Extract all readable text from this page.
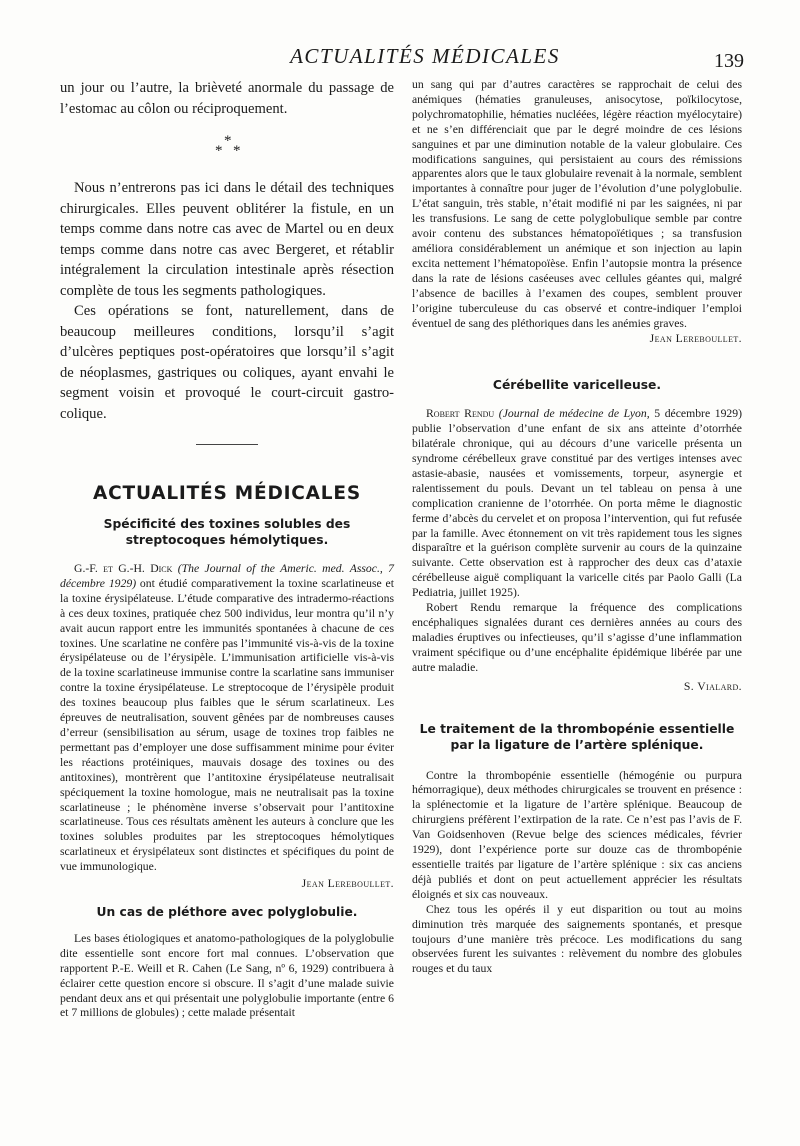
ACTUALITÉS MÉDICALES	139

un jour ou l’autre, la brièveté anormale du passage de l’estomac au côlon ou réciproquement.

*
* *

Nous n’entrerons pas ici dans le détail des techniques chirurgicales. Elles peuvent oblitérer la fistule, en un temps comme dans notre cas avec de Martel ou en deux temps comme dans notre cas avec Bergeret, et rétablir intégralement la circulation intestinale après résection complète de tous les segments pathologiques.

Ces opérations se font, naturellement, dans de beaucoup meilleures conditions, lorsqu’il s’agit d’ulcères peptiques post-opératoires que lorsqu’il s’agit de néoplasmes, gastriques ou coliques, ayant envahi le segment voisin et provoqué le court-circuit gastro-colique.

ACTUALITÉS MÉDICALES
Spécificité des toxines solubles des streptocoques hémolytiques.

G.-F. et G.-H. Dick (The Journal of the Americ. med. Assoc., 7 décembre 1929) ont étudié comparativement la toxine scarlatineuse et la toxine érysipélateuse. L’étude comparative des intradermo-réactions à ces deux toxines, pratiquée chez 500 individus, leur montra qu’il n’y avait aucun rapport entre les immunités spontanées à chacune de ces toxines. Une scarlatine ne confère pas l’immunité vis-à-vis de la toxine érysipélateuse ou de l’érysipèle. L’immunisation artificielle vis-à-vis de la toxine scarlatineuse immunise contre la scarlatine sans immuniser contre la toxine érysipélateuse. Le streptocoque de l’érysipèle produit des toxines beaucoup plus faibles que le sérum scarlatineux. Les épreuves de neutralisation, souvent gênées par de nombreuses causes d’erreur (sensibilisation au sérum, usage de toxines trop faibles ne permettant pas d’employer une dose suffisamment minime pour éviter les réactions protéiniques, mauvais dosage des toxines ou des antitoxines), montrèrent que l’antitoxine érysipélateuse neutralisait spéciquement la toxine homologue, mais ne neutralisait pas la toxine scarlatineuse ; le phénomène inverse s’observait pour l’antitoxine scarlatineuse. Tous ces résultats amènent les auteurs à conclure que les toxines solubles produites par les streptocoques hémolytiques scarlatineux et érysipélateux sont distinctes et spécifiques du point de vue immunologique.

Jean Lereboullet.
Un cas de pléthore avec polyglobulie.

Les bases étiologiques et anatomo-pathologiques de la polyglobulie dite essentielle sont encore fort mal connues. L’observation que rapportent P.-E. Weill et R. Cahen (Le Sang, nº 6, 1929) contribuera à éclairer cette question encore si obscure. Il s’agit d’une malade suivie pendant deux ans et qui présentait une polyglobulie importante (entre 6 et 7 millions de globules) ; cette malade présentait

un sang qui par d’autres caractères se rapprochait de celui des anémiques (hématies granuleuses, anisocytose, poïkilocytose, polychromatophilie, hématies nucléées, légère réaction myélocytaire) et ne s’en différenciait que par le degré moindre de ces lésions sanguines et par une diminution notable de la valeur globulaire. Ces modifications sanguines, qui persistaient au cours des rémissions apparentes alors que le taux globulaire revenait à la normale, semblent importantes à connaître pour juger de l’évolution d’une polyglobulie. L’état sanguin, très stable, n’était modifié ni par les saignées, ni par les transfusions. Le sang de cette polyglobulique semble par contre avoir contenu des substances hématopoïétiques ; sa transfusion améliora considérablement un anémique et son injection au lapin excita nettement l’hématopoïèse. Enfin l’autopsie montra la présence dans la rate de lésions caséeuses avec cellules géantes qui, malgré l’absence de bacilles à l’examen des coupes, semblent prouver l’origine tuberculeuse du cas observé et contre-indiquer l’emploi éventuel de sang des pléthoriques dans les anémies graves.

Jean Lereboullet.
Cérébellite varicelleuse.

Robert Rendu (Journal de médecine de Lyon, 5 décembre 1929) publie l’observation d’une enfant de six ans atteinte d’otorrhée bilatérale chronique, qui au décours d’une varicelle présenta un syndrome cérébelleux grave constitué par des vertiges intenses avec astasie-abasie, nausées et vomissements, torpeur, asynergie et ralentissement du pouls. Devant un tel tableau on pensa à une complication cranienne de l’otorrhée. On porta même le diagnostic ferme d’abcès du cervelet et on proposa l’intervention, qui fut refusée par la famille. Avec étonnement on vit très rapidement tous les signes disparaître et la guérison complète survenir au cours de la quinzaine suivante. Cette observation est à rapprocher des deux cas d’ataxie cérébelleuse aiguë compliquant la varicelle cités par Paolo Galli (La Pediatria, juillet 1925).

Robert Rendu remarque la fréquence des complications encéphaliques signalées durant ces dernières années au cours des maladies éruptives ou infectieuses, qu’il s’agisse d’une inflammation vraiment spécifique ou d’une encéphalite épidémique libérée par une autre maladie.

S. Vialard.
Le traitement de la thrombopénie essentielle par la ligature de l’artère splénique.

Contre la thrombopénie essentielle (hémogénie ou purpura hémorragique), deux méthodes chirurgicales se trouvent en présence : la splénectomie et la ligature de l’artère splénique. Beaucoup de chirurgiens préfèrent l’extirpation de la rate. Ce n’est pas l’avis de F. Van Goidsenhoven (Revue belge des sciences médicales, février 1929), dont l’expérience porte sur douze cas de thrombopénie essentielle traités par ligature de l’artère splénique : six cas anciens déjà publiés et dont on peut actuellement apprécier les résultats éloignés et six cas nouveaux.

Chez tous les opérés il y eut disparition ou tout au moins diminution très marquée des saignements spontanés, et presque toujours d’une manière très précoce. Les modifications du sang observées furent les suivantes : relèvement du nombre des globules rouges et du taux
